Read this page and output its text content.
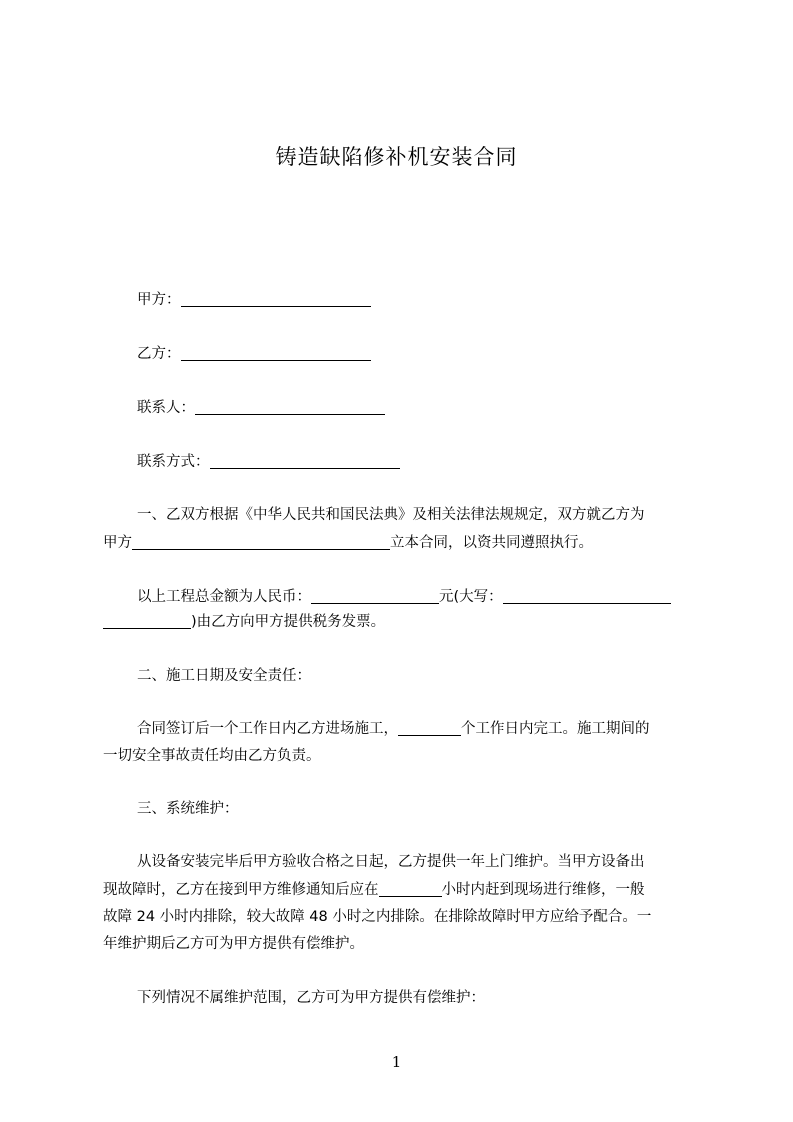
铸造缺陷修补机安装合同
甲方：
乙方：
联系人：
联系方式：
一、乙双方根据《中华人民共和国民法典》及相关法律法规规定，双方就乙方为
甲方	立本合同，以资共同遵照执行。
以上工程总金额为人民币：	元(大写：
)由乙方向甲方提供税务发票。
二、施工日期及安全责任：
合同签订后一个工作日内乙方进场施工，	个工作日内完工。施工期间的
一切安全事故责任均由乙方负责。
三、系统维护：
从设备安装完毕后甲方验收合格之日起，乙方提供一年上门维护。当甲方设备出
现故障时，乙方在接到甲方维修通知后应在	小时内赶到现场进行维修，一般
故障 24 小时内排除，较大故障 48 小时之内排除。在排除故障时甲方应给予配合。一
年维护期后乙方可为甲方提供有偿维护。
下列情况不属维护范围，乙方可为甲方提供有偿维护：
1
